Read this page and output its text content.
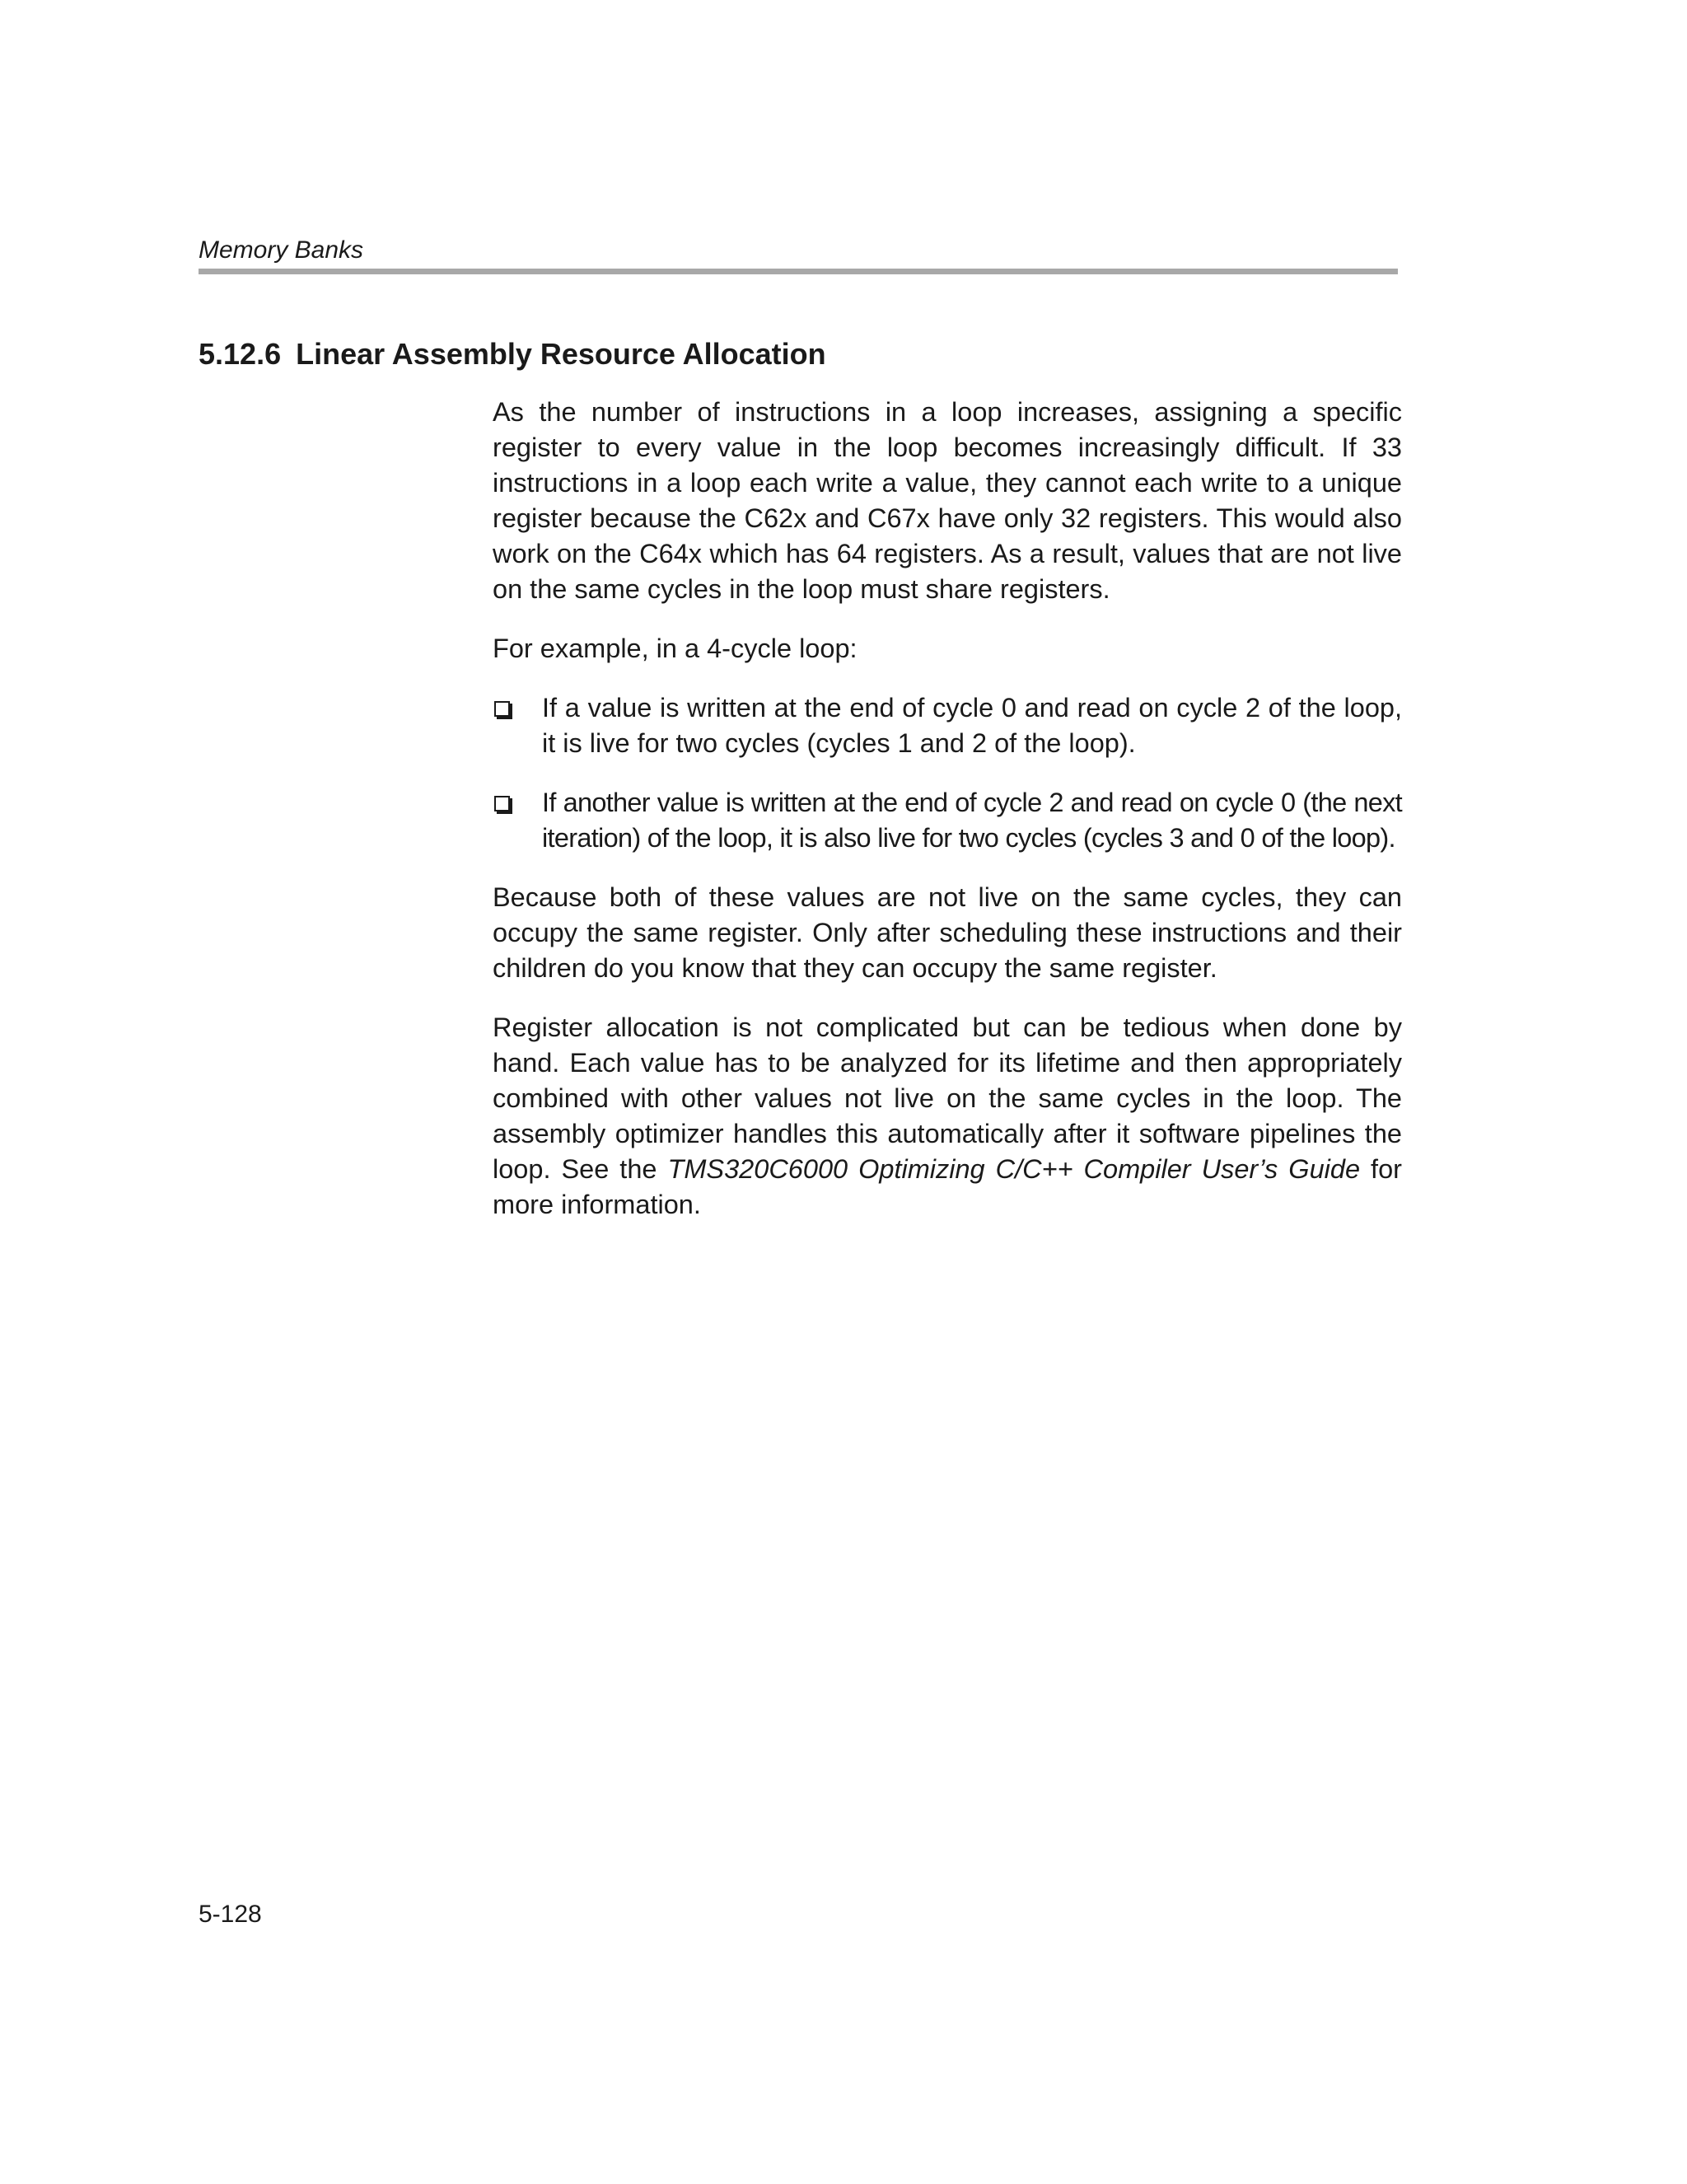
Memory Banks
5.12.6 Linear Assembly Resource Allocation

As the number of instructions in a loop increases, assigning a specific register to every value in the loop becomes increasingly difficult. If 33 instructions in a loop each write a value, they cannot each write to a unique register because the C62x and C67x have only 32 registers. This would also work on the C64x which has 64 registers. As a result, values that are not live on the same cycles in the loop must share registers.

For example, in a 4-cycle loop:

If a value is written at the end of cycle 0 and read on cycle 2 of the loop, it is live for two cycles (cycles 1 and 2 of the loop).
If another value is written at the end of cycle 2 and read on cycle 0 (the next iteration) of the loop, it is also live for two cycles (cycles 3 and 0 of the loop).

Because both of these values are not live on the same cycles, they can occupy the same register. Only after scheduling these instructions and their children do you know that they can occupy the same register.

Register allocation is not complicated but can be tedious when done by hand. Each value has to be analyzed for its lifetime and then appropriately combined with other values not live on the same cycles in the loop. The assembly optimizer handles this automatically after it software pipelines the loop. See the TMS320C6000 Optimizing C/C++ Compiler User’s Guide for more information.

5-128
